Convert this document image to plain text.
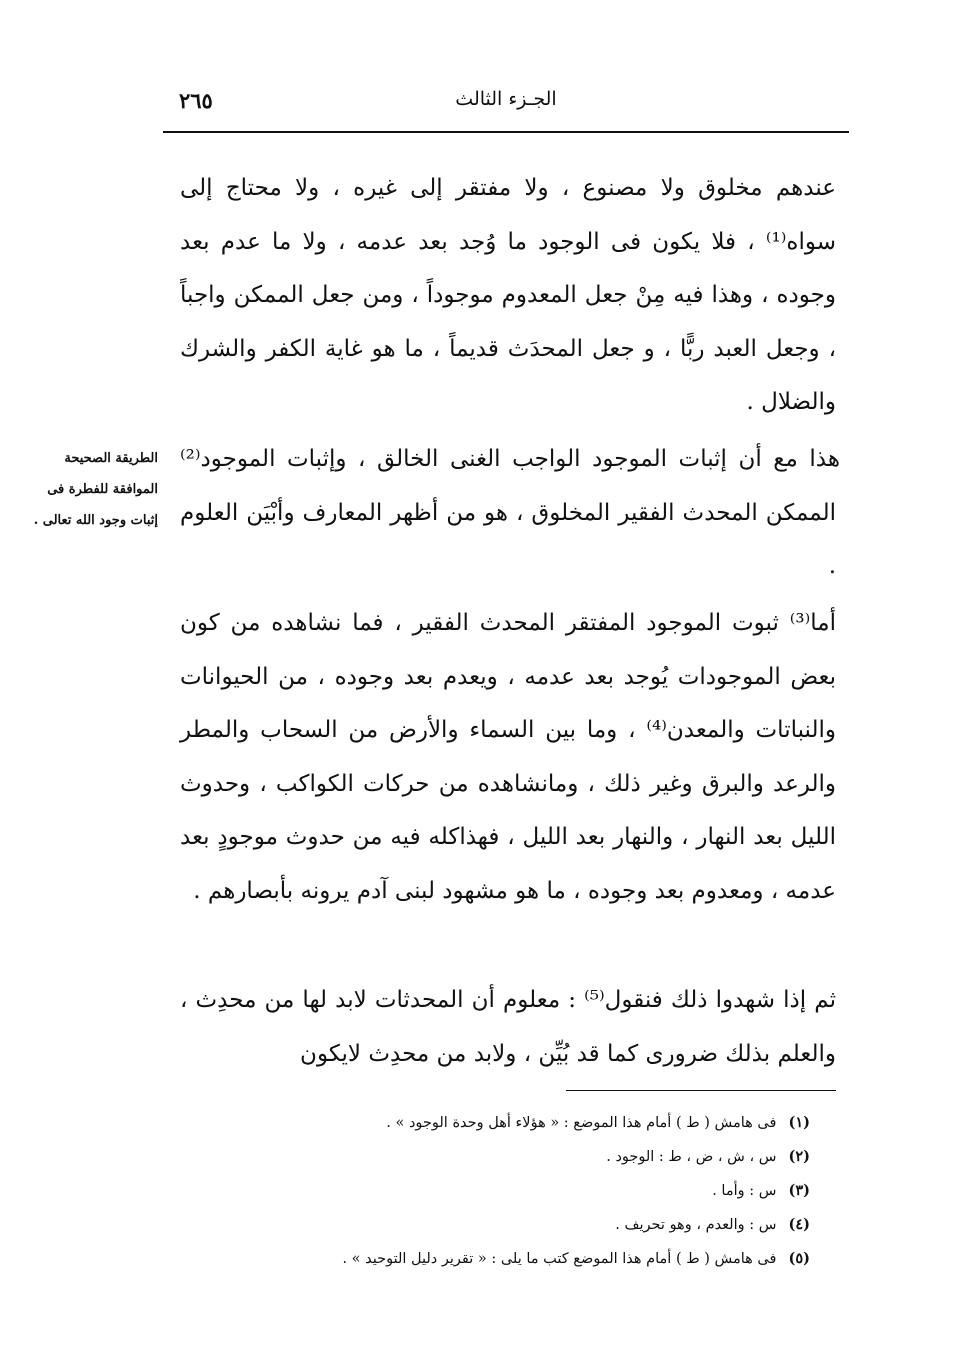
٢٦٥	الجـزء الثالث

عندهم مخلوق ولا مصنوع ، ولا مفتقر إلى غيره ، ولا محتاج إلى سواه⁽¹⁾ ، فلا يكون فى الوجود ما وُجد بعد عدمه ، ولا ما عدم بعد وجوده ، وهذا فيه مِنْ جعل المعدوم موجوداً ، ومن جعل الممكن واجباً ، وجعل العبد ربًّا ، و جعل المحدَث قديماً ، ما هو غاية الكفر والشرك والضلال .

هذا مع أن إثبات الموجود الواجب الغنى الخالق ، وإثبات الموجود⁽²⁾ الممكن المحدث الفقير المخلوق ، هو من أظهر المعارف وأبْيَن العلوم .

أما⁽³⁾ ثبوت الموجود المفتقر المحدث الفقير ، فما نشاهده من كون بعض الموجودات يُوجد بعد عدمه ، ويعدم بعد وجوده ، من الحيوانات والنباتات والمعدن⁽⁴⁾ ، وما بين السماء والأرض من السحاب والمطر والرعد والبرق وغير ذلك ، ومانشاهده من حركات الكواكب ، وحدوث الليل بعد النهار ، والنهار بعد الليل ، فهذاكله فيه من حدوث موجودٍ بعد عدمه ، ومعدوم بعد وجوده ، ما هو مشهود لبنى آدم يرونه بأبصارهم .

ثم إذا شهدوا ذلك فنقول⁽⁵⁾ : معلوم أن المحدثات لابد لها من محدِث ، والعلم بذلك ضرورى كما قد بُيِّن ، ولابد من محدِث لايكون

الطريقة الصحيحة الموافقة للفطرة فى إثبات وجود الله تعالى .
(١)فى هامش ( ط ) أمام هذا الموضع : « هؤلاء أهل وحدة الوجود » .
(٢)س ، ش ، ض ، ط : الوجود .
(٣)س : وأما .
(٤)س : والعدم ، وهو تحريف .
(٥)فى هامش ( ط ) أمام هذا الموضع كتب ما يلى : « تقرير دليل التوحيد » .
